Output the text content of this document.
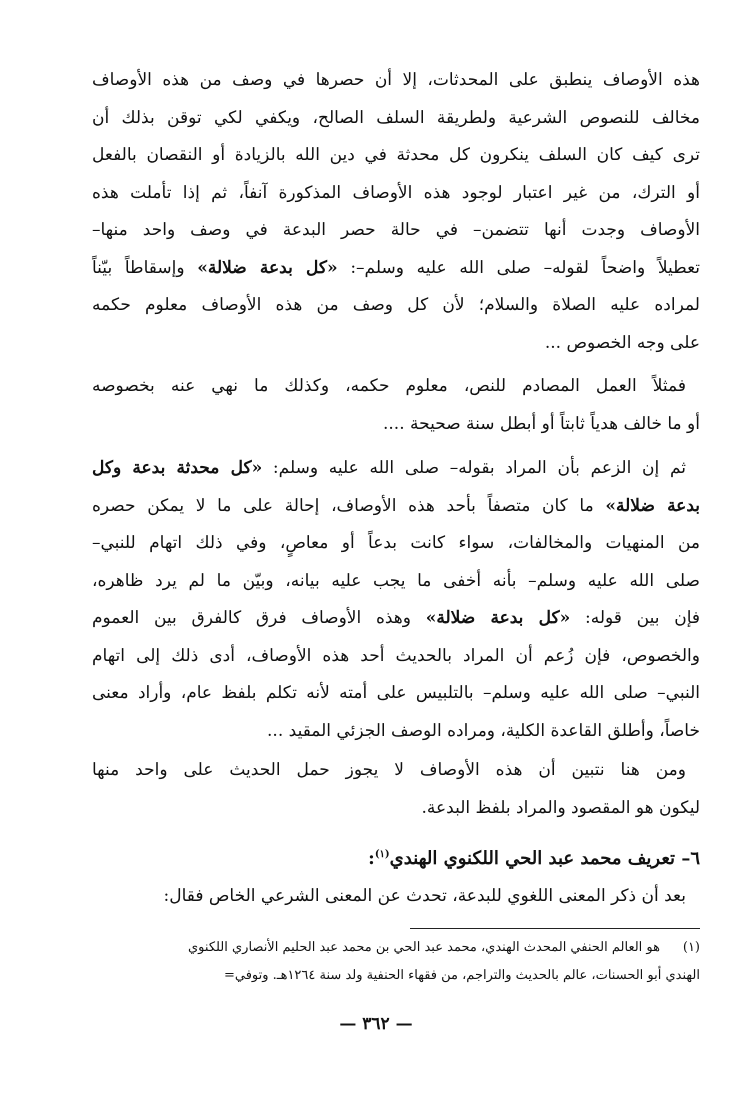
هذه الأوصاف ينطبق على المحدثات، إلا أن حصرها في وصف من هذه الأوصاف
مخالف للنصوص الشرعية ولطريقة السلف الصالح، ويكفي لكي توقن بذلك أن
ترى كيف كان السلف ينكرون كل محدثة في دين الله بالزيادة أو النقصان بالفعل
أو الترك، من غير اعتبار لوجود هذه الأوصاف المذكورة آنفاً، ثم إذا تأملت هذه
الأوصاف وجدت أنها تتضمن– في حالة حصر البدعة في وصف واحد منها–
تعطيلاً واضحاً لقوله– صلى الله عليه وسلم–: «كل بدعة ضلالة» وإسقاطاً بيّناً
لمراده عليه الصلاة والسلام؛ لأن كل وصف من هذه الأوصاف معلوم حكمه
على وجه الخصوص ...
فمثلاً العمل المصادم للنص، معلوم حكمه، وكذلك ما نهي عنه بخصوصه
أو ما خالف هدياً ثابتاً أو أبطل سنة صحيحة ....
ثم إن الزعم بأن المراد بقوله– صلى الله عليه وسلم: «كل محدثة بدعة وكل
بدعة ضلالة» ما كان متصفاً بأحد هذه الأوصاف، إحالة على ما لا يمكن حصره
من المنهيات والمخالفات، سواء كانت بدعاً أو معاصٍ، وفي ذلك اتهام للنبي–
صلى الله عليه وسلم– بأنه أخفى ما يجب عليه بيانه، وبيّن ما لم يرد ظاهره،
فإن بين قوله: «كل بدعة ضلالة» وهذه الأوصاف فرق كالفرق بين العموم
والخصوص، فإن زُعم أن المراد بالحديث أحد هذه الأوصاف، أدى ذلك إلى اتهام
النبي– صلى الله عليه وسلم– بالتلبيس على أمته لأنه تكلم بلفظ عام، وأراد معنى
خاصاً، وأطلق القاعدة الكلية، ومراده الوصف الجزئي المقيد ...
ومن هنا نتبين أن هذه الأوصاف لا يجوز حمل الحديث على واحد منها
ليكون هو المقصود والمراد بلفظ البدعة.
٦– تعريف محمد عبد الحي اللكنوي الهندي$^{(١)}$:
بعد أن ذكر المعنى اللغوي للبدعة، تحدث عن المعنى الشرعي الخاص فقال:
(١)هو العالم الحنفي المحدث الهندي، محمد عبد الحي بن محمد عبد الحليم الأنصاري اللكنوي
الهندي أبو الحسنات، عالم بالحديث والتراجم، من فقهاء الحنفية ولد سنة ١٢٦٤هـ. وتوفي=
— ٣٦٢ —
